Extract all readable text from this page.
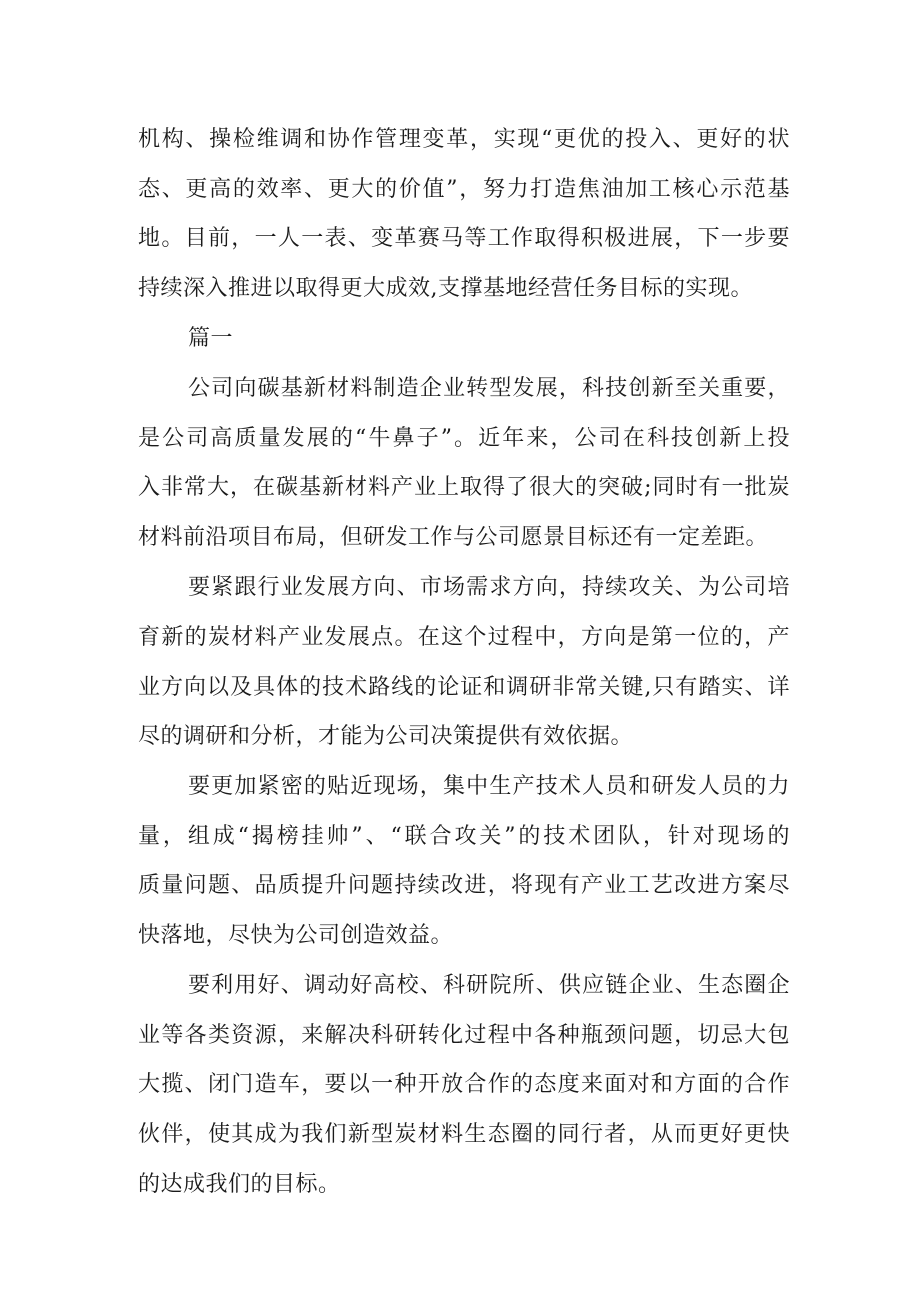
机构、操检维调和协作管理变革，实现“更优的投入、更好的状
态、更高的效率、更大的价值”，努力打造焦油加工核心示范基
地。目前，一人一表、变革赛马等工作取得积极进展，下一步要
持续深入推进以取得更大成效,支撑基地经营任务目标的实现。
篇一
公司向碳基新材料制造企业转型发展，科技创新至关重要，
是公司高质量发展的“牛鼻子”。近年来，公司在科技创新上投
入非常大，在碳基新材料产业上取得了很大的突破;同时有一批炭
材料前沿项目布局，但研发工作与公司愿景目标还有一定差距。
要紧跟行业发展方向、市场需求方向，持续攻关、为公司培
育新的炭材料产业发展点。在这个过程中，方向是第一位的，产
业方向以及具体的技术路线的论证和调研非常关键,只有踏实、详
尽的调研和分析，才能为公司决策提供有效依据。
要更加紧密的贴近现场，集中生产技术人员和研发人员的力
量，组成“揭榜挂帅”、“联合攻关”的技术团队，针对现场的
质量问题、品质提升问题持续改进，将现有产业工艺改进方案尽
快落地，尽快为公司创造效益。
要利用好、调动好高校、科研院所、供应链企业、生态圈企
业等各类资源，来解决科研转化过程中各种瓶颈问题，切忌大包
大揽、闭门造车，要以一种开放合作的态度来面对和方面的合作
伙伴，使其成为我们新型炭材料生态圈的同行者，从而更好更快
的达成我们的目标。
